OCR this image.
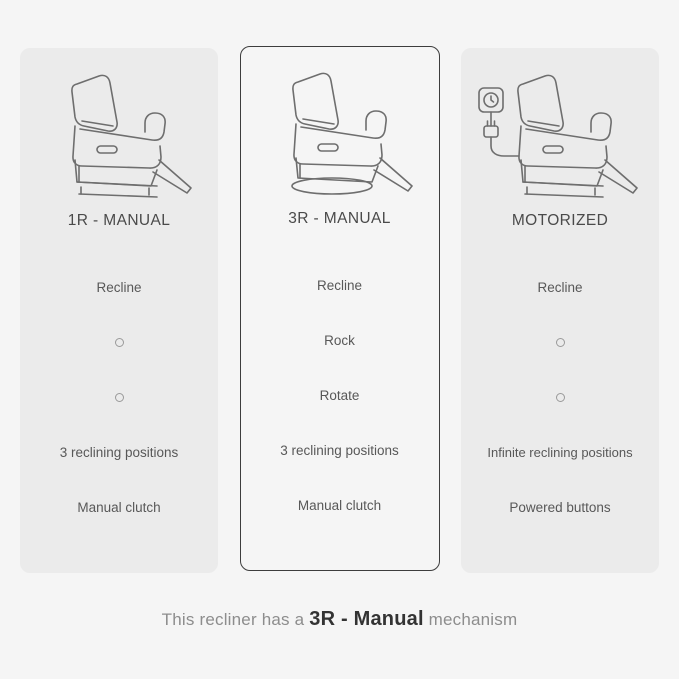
1R - MANUAL
Recline
3 reclining positions
Manual clutch
3R - MANUAL
Recline
Rock
Rotate
3 reclining positions
Manual clutch
MOTORIZED
Recline
Infinite reclining positions
Powered buttons
This recliner has a 3R - Manual mechanism
